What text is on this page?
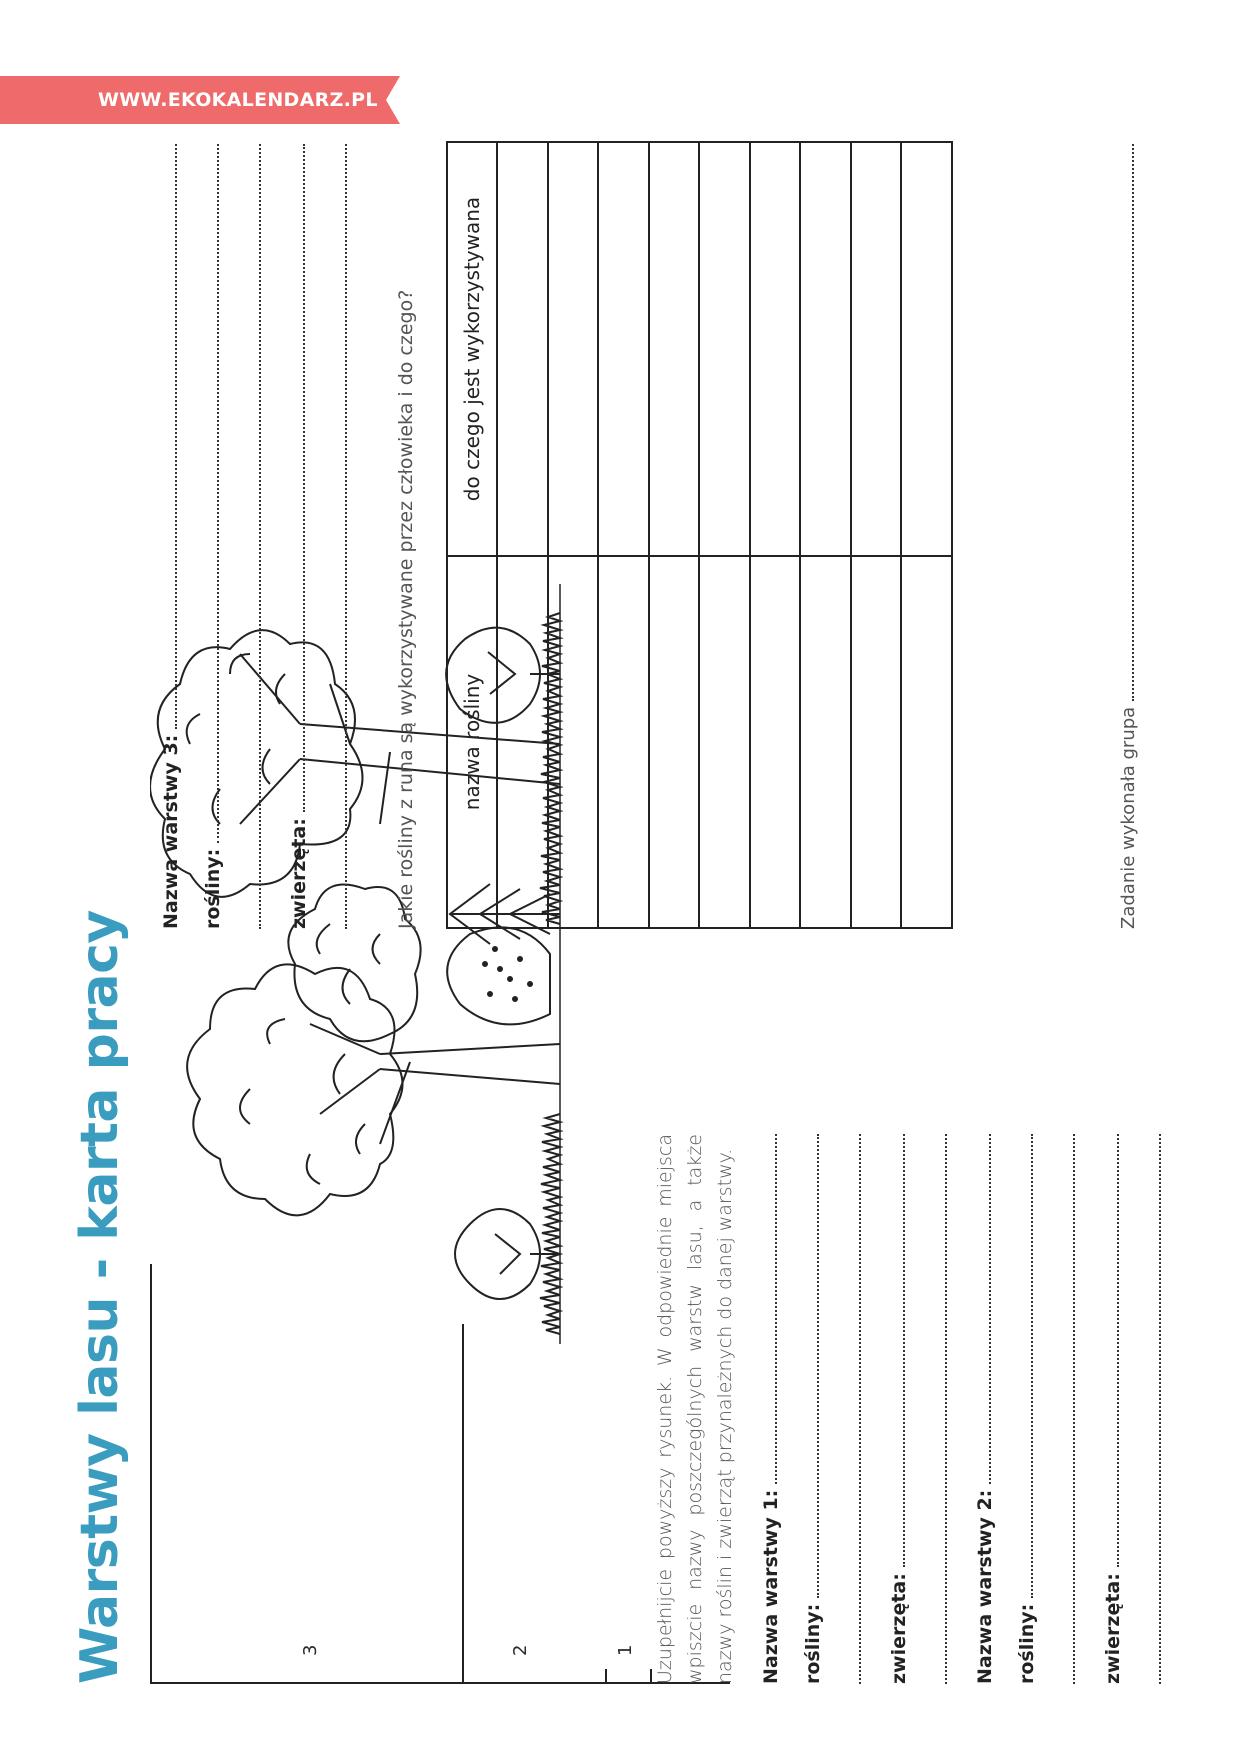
WWW.EKOKALENDARZ.PL
Warstwy lasu - karta pracy	3	2	1 Uzupełnijcie powyższy rysunek. W odpowiednie miejsca wpiszcie nazwy poszczególnych warstw lasu, a także nazwy roślin i zwierząt przynależnych do danej warstwy. Nazwa warstwy 1: rośliny:	zwierzęta:	Nazwa warstwy 2: rośliny:	zwierzęta:
Nazwa warstwy 3: rośliny:	zwierzęta:	Jakie rośliny z runa są wykorzystywane przez człowieka i do czego? nazwa rośliny	do czego jest wykorzystywana

Zadanie wykonała grupa
